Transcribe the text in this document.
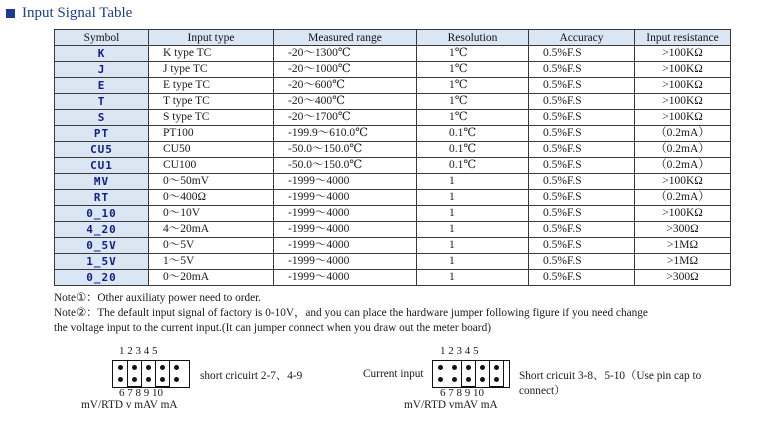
Input Signal Table
Symbol	Input type	Measured range	Resolution	Accuracy	Input resistance
K	K type TC	-20～1300℃	1℃	0.5%F.S	>100KΩ
J	J type TC	-20～1000℃	1℃	0.5%F.S	>100KΩ
E	E type TC	-20～600℃	1℃	0.5%F.S	>100KΩ
T	T type TC	-20～400℃	1℃	0.5%F.S	>100KΩ
S	S type TC	-20～1700℃	1℃	0.5%F.S	>100KΩ
PT	PT100	-199.9～610.0℃	0.1℃	0.5%F.S	（0.2mA）
CU5	CU50	-50.0～150.0℃	0.1℃	0.5%F.S	（0.2mA）
CU1	CU100	-50.0～150.0℃	0.1℃	0.5%F.S	（0.2mA）
MV	0～50mV	-1999～4000	1	0.5%F.S	>100KΩ
RT	0～400Ω	-1999～4000	1	0.5%F.S	（0.2mA）
0_10	0～10V	-1999～4000	1	0.5%F.S	>100KΩ
4_20	4～20mA	-1999～4000	1	0.5%F.S	>300Ω
0_5V	0～5V	-1999～4000	1	0.5%F.S	>1MΩ
1_5V	1～5V	-1999～4000	1	0.5%F.S	>1MΩ
0_20	0～20mA	-1999～4000	1	0.5%F.S	>300Ω
Note①：Other auxiliaty power need to order.
Note②：The default input signal of factory is 0-10V，and you can place the hardware jumper following figure if you need change
the voltage input to the current input.(It can jumper connect when you draw out the meter board)
1 2 3 4 5
6 7 8 9 10
mV/RTD v mAV mA
short cricuirt 2-7、4-9	Current input
1 2 3 4 5
6 7 8 9 10
mV/RTD vmAV mA
Short cricuit 3-8、5-10（Use pin cap to
connect）
